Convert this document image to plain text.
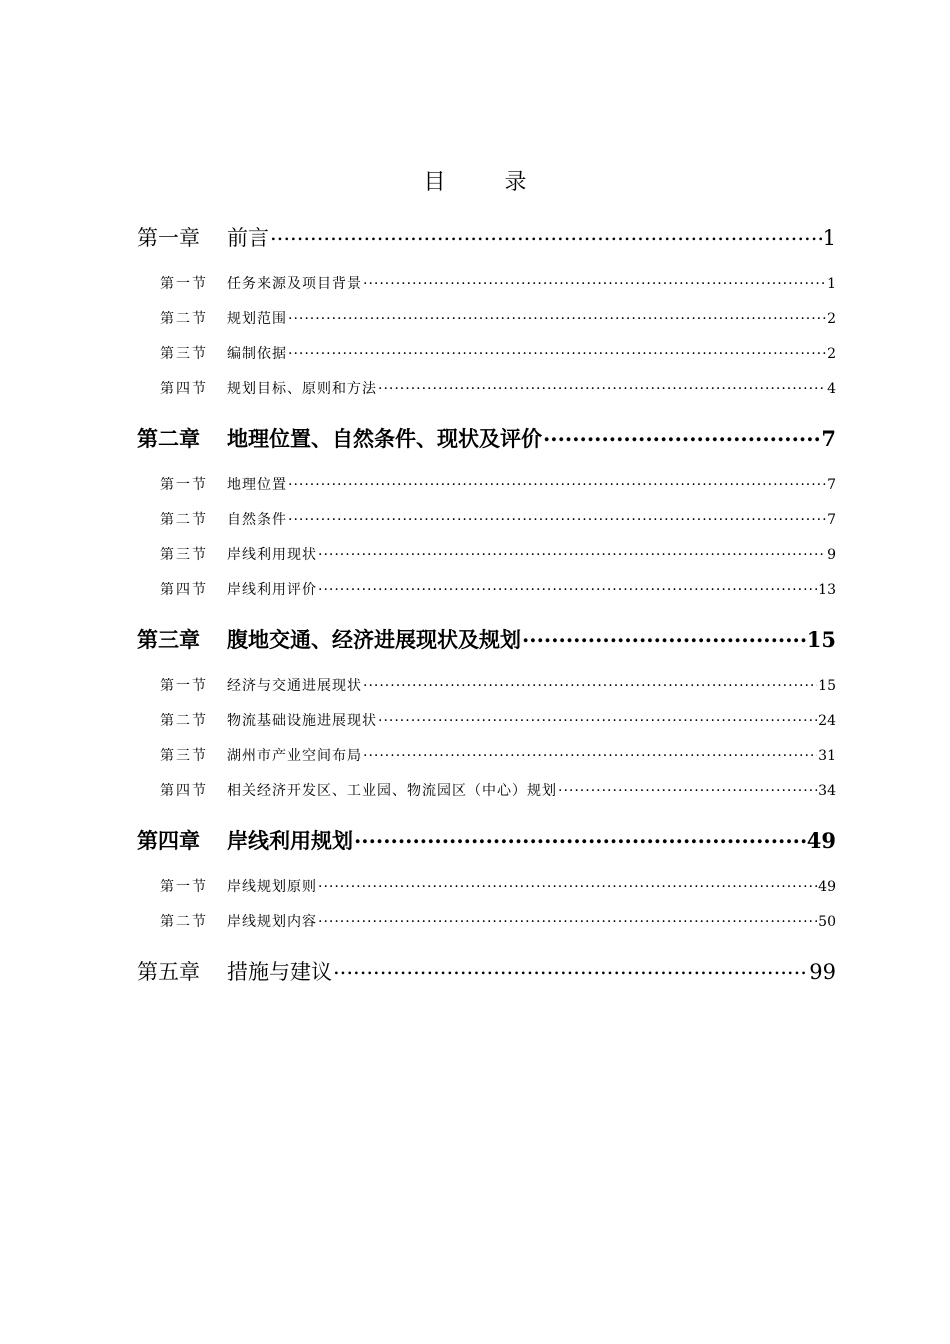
目 录
第一章	前言 .....	1
第一节	任务来源及项目背景 .....	1
第二节	规划范围 .....	2
第三节	编制依据 .....	2
第四节	规划目标、原则和方法 .....	4
第二章	地理位置、自然条件、现状及评价 .....	7
第一节	地理位置 .....	7
第二节	自然条件 .....	7
第三节	岸线利用现状 .....	9
第四节	岸线利用评价 .....	13
第三章	腹地交通、经济进展现状及规划 .....	15
第一节	经济与交通进展现状 .....	15
第二节	物流基础设施进展现状 .....	24
第三节	湖州市产业空间布局 .....	31
第四节	相关经济开发区、工业园、物流园区（中心）规划 .....	34
第四章	岸线利用规划 .....	49
第一节	岸线规划原则 .....	49
第二节	岸线规划内容 .....	50
第五章	措施与建议 .....	99
